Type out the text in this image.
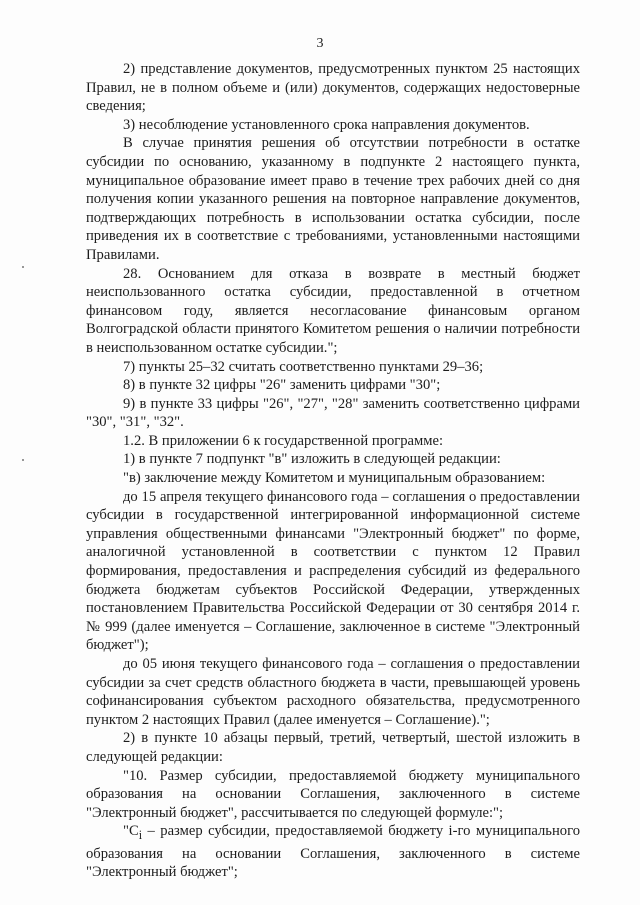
3

2) представление документов, предусмотренных пунктом 25 настоящих Правил, не в полном объеме и (или) документов, содержащих недостоверные сведения;

3) несоблюдение установленного срока направления документов.

В случае принятия решения об отсутствии потребности в остатке субсидии по основанию, указанному в подпункте 2 настоящего пункта, муниципальное образование имеет право в течение трех рабочих дней со дня получения копии указанного решения на повторное направление документов, подтверждающих потребность в использовании остатка субсидии, после приведения их в соответствие с требованиями, установленными настоящими Правилами.

28. Основанием для отказа в возврате в местный бюджет неиспользованного остатка субсидии, предоставленной в отчетном финансовом году, является несогласование финансовым органом Волгоградской области принятого Комитетом решения о наличии потребности в неиспользованном остатке субсидии.";

7) пункты 25–32 считать соответственно пунктами 29–36;

8) в пункте 32 цифры "26" заменить цифрами "30";

9) в пункте 33 цифры "26", "27", "28" заменить соответственно цифрами "30", "31", "32".

1.2. В приложении 6 к государственной программе:

1) в пункте 7 подпункт "в" изложить в следующей редакции:

"в) заключение между Комитетом и муниципальным образованием:

до 15 апреля текущего финансового года – соглашения о предоставлении субсидии в государственной интегрированной информационной системе управления общественными финансами "Электронный бюджет" по форме, аналогичной установленной в соответствии с пунктом 12 Правил формирования, предоставления и распределения субсидий из федерального бюджета бюджетам субъектов Российской Федерации, утвержденных постановлением Правительства Российской Федерации от 30 сентября 2014 г. № 999 (далее именуется – Соглашение, заключенное в системе "Электронный бюджет");

до 05 июня текущего финансового года – соглашения о предоставлении субсидии за счет средств областного бюджета в части, превышающей уровень софинансирования субъектом расходного обязательства, предусмотренного пунктом 2 настоящих Правил (далее именуется – Соглашение).";

2) в пункте 10 абзацы первый, третий, четвертый, шестой изложить в следующей редакции:

"10. Размер субсидии, предоставляемой бюджету муниципального образования на основании Соглашения, заключенного в системе "Электронный бюджет", рассчитывается по следующей формуле:";

"$C_i$ – размер субсидии, предоставляемой бюджету i-го муниципального образования на основании Соглашения, заключенного в системе "Электронный бюджет";
